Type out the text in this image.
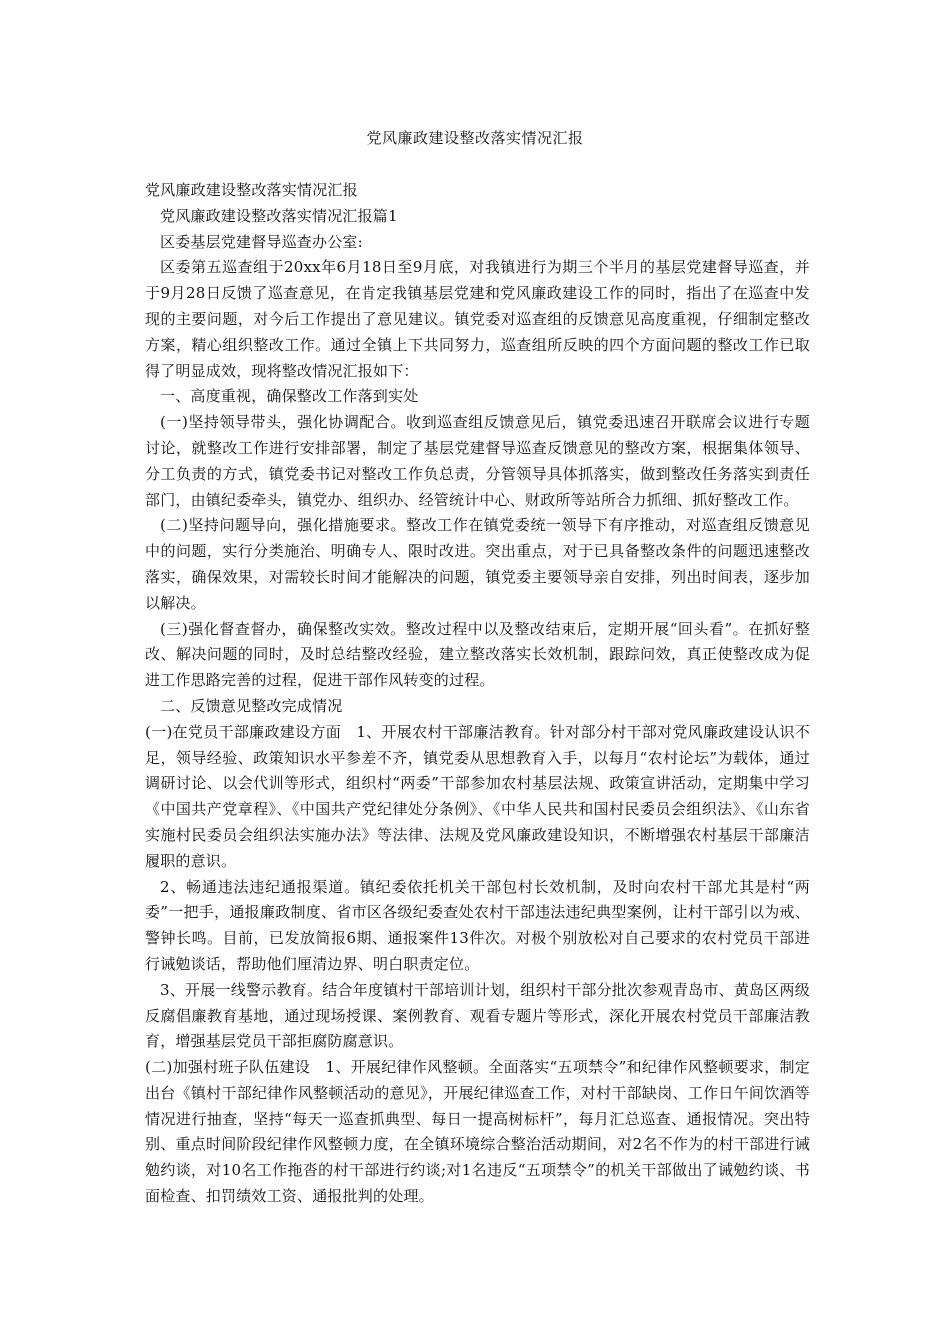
党风廉政建设整改落实情况汇报

党风廉政建设整改落实情况汇报

党风廉政建设整改落实情况汇报篇1

区委基层党建督导巡查办公室:

区委第五巡查组于20xx年6月18日至9月底，对我镇进行为期三个半月的基层党建督导巡查，并于9月28日反馈了巡查意见，在肯定我镇基层党建和党风廉政建设工作的同时，指出了在巡查中发现的主要问题，对今后工作提出了意见建议。镇党委对巡查组的反馈意见高度重视，仔细制定整改方案，精心组织整改工作。通过全镇上下共同努力，巡查组所反映的四个方面问题的整改工作已取得了明显成效，现将整改情况汇报如下：

一、高度重视，确保整改工作落到实处

(一)坚持领导带头，强化协调配合。收到巡查组反馈意见后，镇党委迅速召开联席会议进行专题讨论，就整改工作进行安排部署，制定了基层党建督导巡查反馈意见的整改方案，根据集体领导、分工负责的方式，镇党委书记对整改工作负总责，分管领导具体抓落实，做到整改任务落实到责任部门，由镇纪委牵头，镇党办、组织办、经管统计中心、财政所等站所合力抓细、抓好整改工作。

(二)坚持问题导向，强化措施要求。整改工作在镇党委统一领导下有序推动，对巡查组反馈意见中的问题，实行分类施治、明确专人、限时改进。突出重点，对于已具备整改条件的问题迅速整改落实，确保效果，对需较长时间才能解决的问题，镇党委主要领导亲自安排，列出时间表，逐步加以解决。

(三)强化督查督办，确保整改实效。整改过程中以及整改结束后，定期开展“回头看”。在抓好整改、解决问题的同时，及时总结整改经验，建立整改落实长效机制，跟踪问效，真正使整改成为促进工作思路完善的过程，促进干部作风转变的过程。

二、反馈意见整改完成情况

(一)在党员干部廉政建设方面　1、开展农村干部廉洁教育。针对部分村干部对党风廉政建设认识不足，领导经验、政策知识水平参差不齐，镇党委从思想教育入手，以每月“农村论坛”为载体，通过调研讨论、以会代训等形式，组织村“两委”干部参加农村基层法规、政策宣讲活动，定期集中学习《中国共产党章程》、《中国共产党纪律处分条例》、《中华人民共和国村民委员会组织法》、《山东省实施村民委员会组织法实施办法》等法律、法规及党风廉政建设知识，不断增强农村基层干部廉洁履职的意识。

2、畅通违法违纪通报渠道。镇纪委依托机关干部包村长效机制，及时向农村干部尤其是村“两委”一把手，通报廉政制度、省市区各级纪委查处农村干部违法违纪典型案例，让村干部引以为戒、警钟长鸣。目前，已发放简报6期、通报案件13件次。对极个别放松对自己要求的农村党员干部进行诫勉谈话，帮助他们厘清边界、明白职责定位。

3、开展一线警示教育。结合年度镇村干部培训计划，组织村干部分批次参观青岛市、黄岛区两级反腐倡廉教育基地，通过现场授课、案例教育、观看专题片等形式，深化开展农村党员干部廉洁教育，增强基层党员干部拒腐防腐意识。

(二)加强村班子队伍建设　1、开展纪律作风整顿。全面落实“五项禁令”和纪律作风整顿要求，制定出台《镇村干部纪律作风整顿活动的意见》，开展纪律巡查工作，对村干部缺岗、工作日午间饮酒等情况进行抽查，坚持“每天一巡查抓典型、每日一提高树标杆”，每月汇总巡查、通报情况。突出特别、重点时间阶段纪律作风整顿力度，在全镇环境综合整治活动期间，对2名不作为的村干部进行诫勉约谈，对10名工作拖沓的村干部进行约谈;对1名违反“五项禁令”的机关干部做出了诫勉约谈、书面检查、扣罚绩效工资、通报批判的处理。
